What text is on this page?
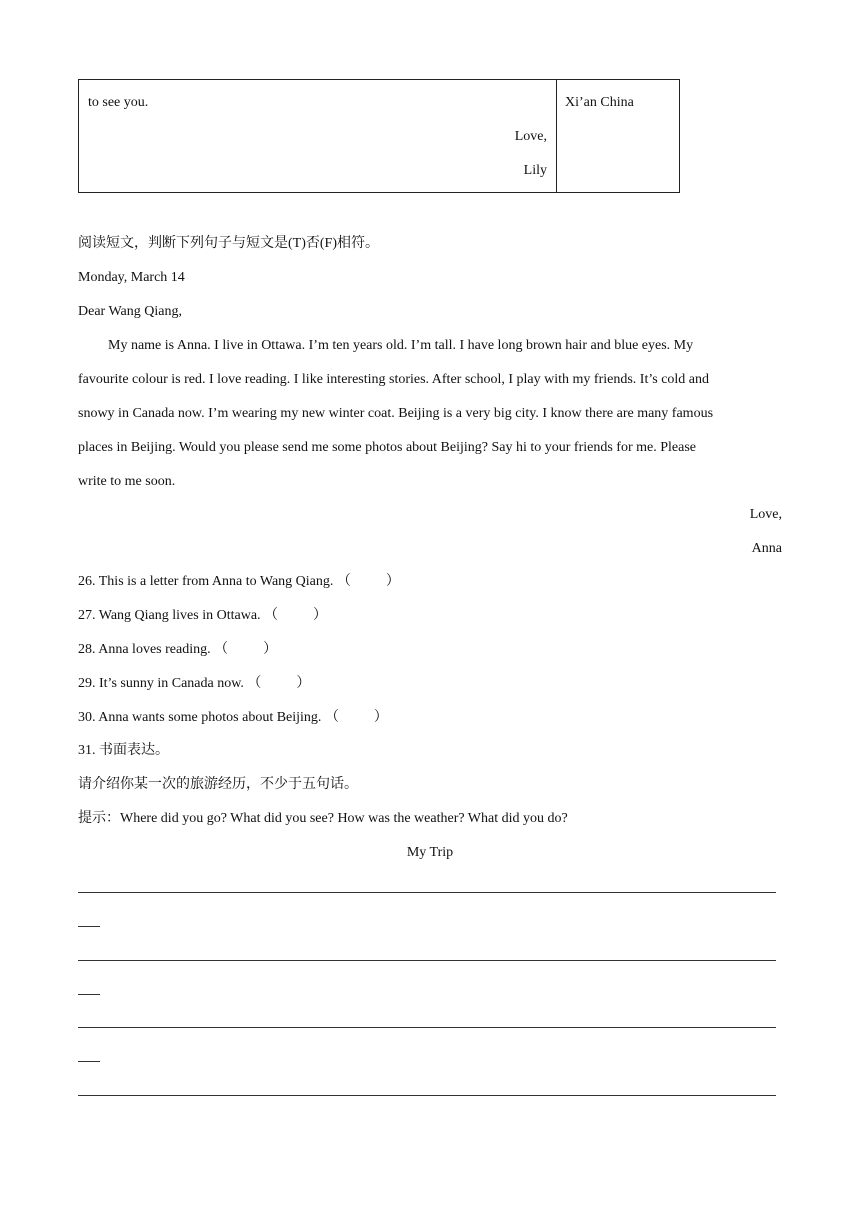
to see you.
Love,
Lily
Xi’an China
阅读短文，判断下列句子与短文是(T)否(F)相符。
Monday, March 14
Dear Wang Qiang,
My name is Anna. I live in Ottawa. I’m ten years old. I’m tall. I have long brown hair and blue eyes. My
favourite colour is red. I love reading. I like interesting stories. After school, I play with my friends. It’s cold and
snowy in Canada now. I’m wearing my new winter coat. Beijing is a very big city. I know there are many famous
places in Beijing. Would you please send me some photos about Beijing? Say hi to your friends for me. Please
write to me soon.
Love,
Anna
26. This is a letter from Anna to Wang Qiang. （          ）
27. Wang Qiang lives in Ottawa. （          ）
28. Anna loves reading. （          ）
29. It’s sunny in Canada now. （          ）
30. Anna wants some photos about Beijing. （          ）
31. 书面表达。
请介绍你某一次的旅游经历，不少于五句话。
提示：Where did you go? What did you see? How was the weather? What did you do?
My Trip
